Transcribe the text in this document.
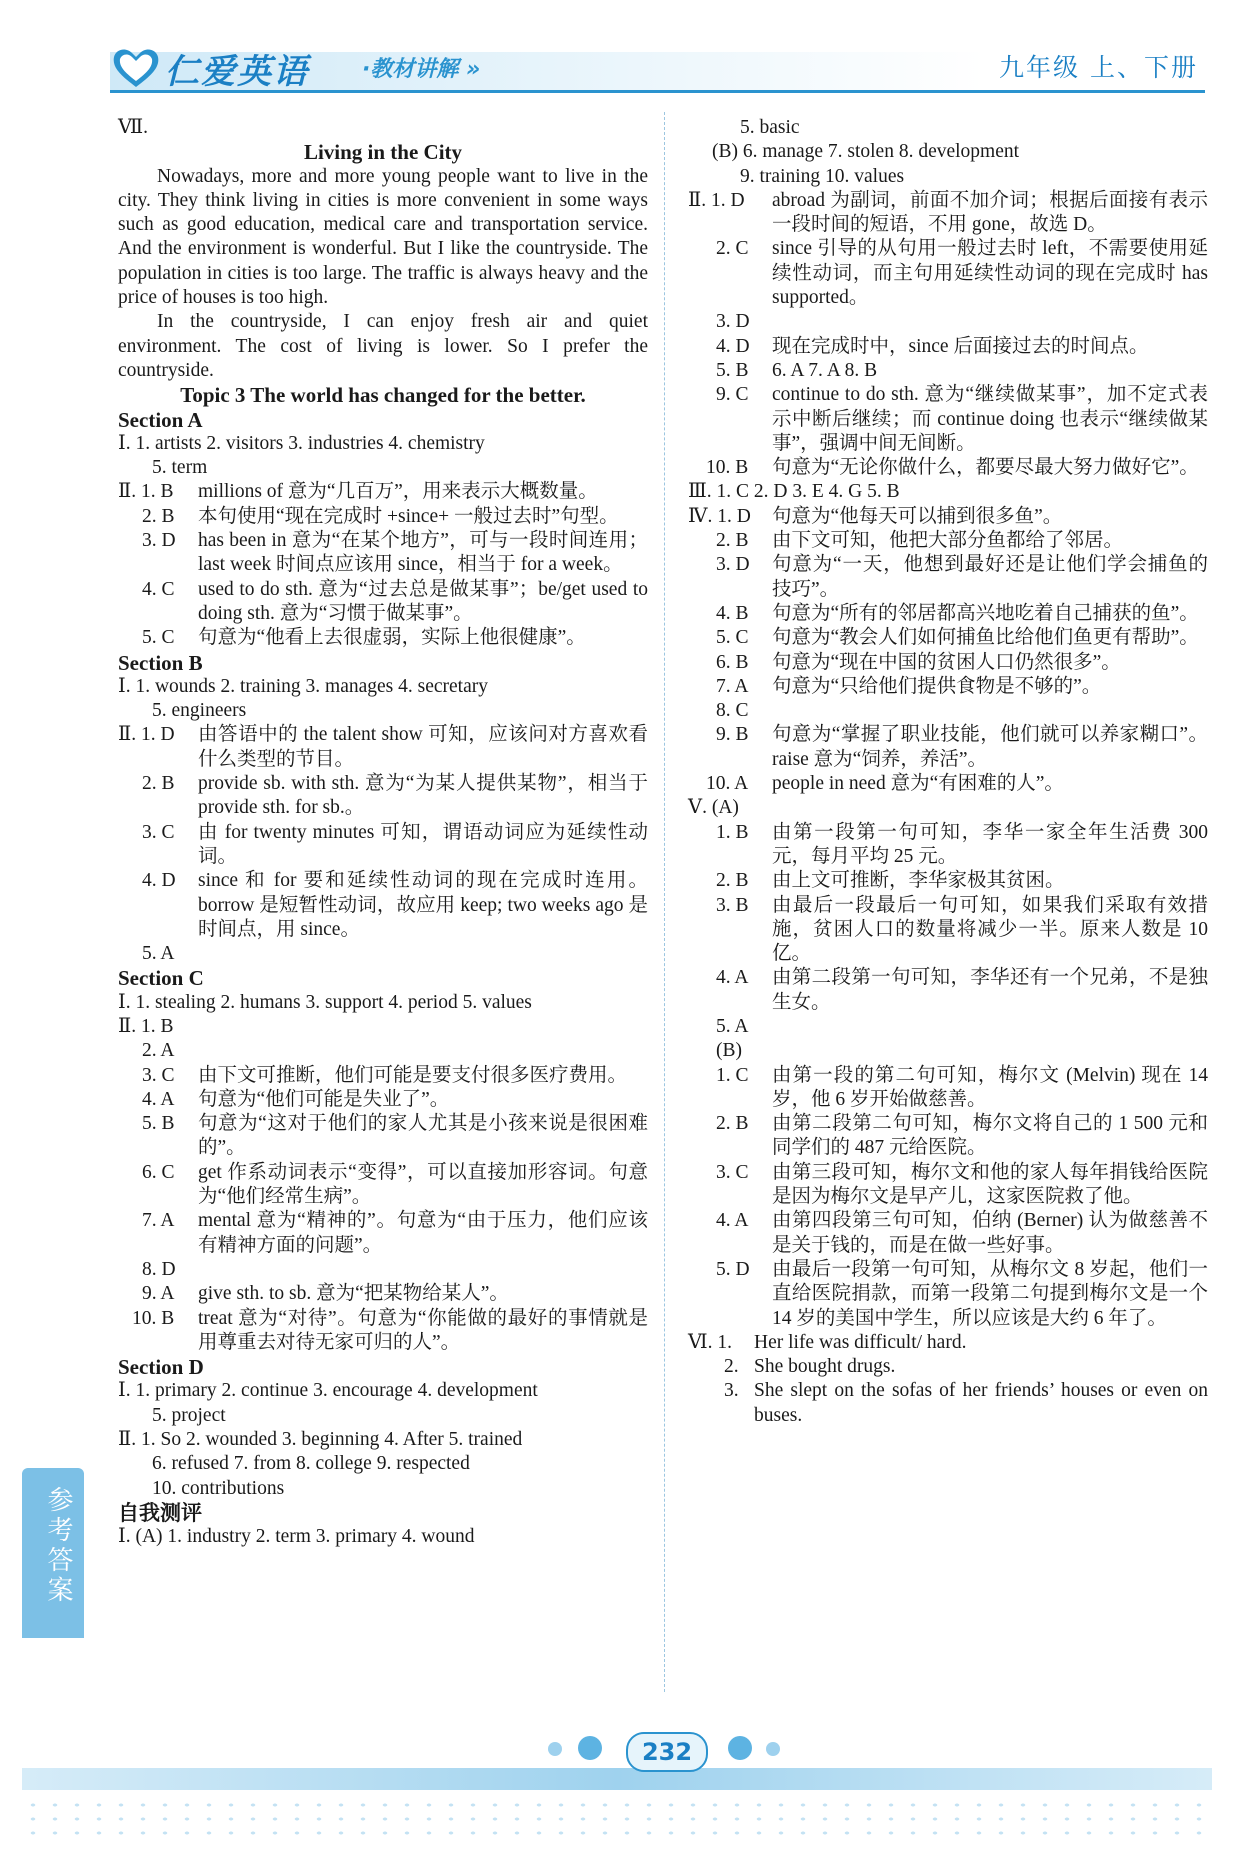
仁爱英语 ·教材讲解 »	九年级 上、下册
Ⅶ.
Living in the City
Nowadays, more and more young people want to live in the city. They think living in cities is more convenient in some ways such as good education, medical care and transportation service. And the environment is wonderful. But I like the countryside. The population in cities is too large. The traffic is always heavy and the price of houses is too high.
In the countryside, I can enjoy fresh air and quiet environment. The cost of living is lower. So I prefer the countryside.
Topic 3 The world has changed for the better.
Section A
Ⅰ. 1. artists 2. visitors 3. industries 4. chemistry
5. term
Ⅱ. 1. B	millions of 意为“几百万”，用来表示大概数量。
2. B	本句使用“现在完成时 +since+ 一般过去时”句型。
3. D	has been in 意为“在某个地方”，可与一段时间连用；last week 时间点应该用 since，相当于 for a week。
4. C	used to do sth. 意为“过去总是做某事”；be/get used to doing sth. 意为“习惯于做某事”。
5. C	句意为“他看上去很虚弱，实际上他很健康”。
Section B
Ⅰ. 1. wounds 2. training 3. manages 4. secretary
5. engineers
Ⅱ. 1. D	由答语中的 the talent show 可知，应该问对方喜欢看什么类型的节目。
2. B	provide sb. with sth. 意为“为某人提供某物”，相当于 provide sth. for sb.。
3. C	由 for twenty minutes 可知，谓语动词应为延续性动词。
4. D	since 和 for 要和延续性动词的现在完成时连用。borrow 是短暂性动词，故应用 keep; two weeks ago 是时间点，用 since。
5. A
Section C
Ⅰ. 1. stealing 2. humans 3. support 4. period 5. values
Ⅱ. 1. B
2. A
3. C	由下文可推断，他们可能是要支付很多医疗费用。
4. A	句意为“他们可能是失业了”。
5. B	句意为“这对于他们的家人尤其是小孩来说是很困难的”。
6. C	get 作系动词表示“变得”，可以直接加形容词。句意为“他们经常生病”。
7. A	mental 意为“精神的”。句意为“由于压力，他们应该有精神方面的问题”。
8. D
9. A	give sth. to sb. 意为“把某物给某人”。
10. B	treat 意为“对待”。句意为“你能做的最好的事情就是用尊重去对待无家可归的人”。
Section D
Ⅰ. 1. primary 2. continue 3. encourage 4. development
5. project
Ⅱ. 1. So 2. wounded 3. beginning 4. After 5. trained
6. refused 7. from 8. college 9. respected
10. contributions
自我测评
Ⅰ. (A) 1. industry 2. term 3. primary 4. wound
5. basic
(B) 6. manage 7. stolen 8. development
9. training 10. values
Ⅱ. 1. D	abroad 为副词，前面不加介词；根据后面接有表示一段时间的短语，不用 gone，故选 D。
2. C	since 引导的从句用一般过去时 left，不需要使用延续性动词，而主句用延续性动词的现在完成时 has supported。
3. D
4. D	现在完成时中，since 后面接过去的时间点。
5. B	6. A 7. A 8. B
9. C	continue to do sth. 意为“继续做某事”，加不定式表示中断后继续；而 continue doing 也表示“继续做某事”，强调中间无间断。
10. B	句意为“无论你做什么，都要尽最大努力做好它”。
Ⅲ. 1. C 2. D 3. E 4. G 5. B
Ⅳ. 1. D	句意为“他每天可以捕到很多鱼”。
2. B	由下文可知，他把大部分鱼都给了邻居。
3. D	句意为“一天，他想到最好还是让他们学会捕鱼的技巧”。
4. B	句意为“所有的邻居都高兴地吃着自己捕获的鱼”。
5. C	句意为“教会人们如何捕鱼比给他们鱼更有帮助”。
6. B	句意为“现在中国的贫困人口仍然很多”。
7. A	句意为“只给他们提供食物是不够的”。
8. C
9. B	句意为“掌握了职业技能，他们就可以养家糊口”。raise 意为“饲养，养活”。
10. A	people in need 意为“有困难的人”。
Ⅴ. (A)
1. B	由第一段第一句可知，李华一家全年生活费 300 元，每月平均 25 元。
2. B	由上文可推断，李华家极其贫困。
3. B	由最后一段最后一句可知，如果我们采取有效措施，贫困人口的数量将减少一半。原来人数是 10 亿。
4. A	由第二段第一句可知，李华还有一个兄弟，不是独生女。
5. A
(B)
1. C	由第一段的第二句可知，梅尔文 (Melvin) 现在 14 岁，他 6 岁开始做慈善。
2. B	由第二段第二句可知，梅尔文将自己的 1 500 元和同学们的 487 元给医院。
3. C	由第三段可知，梅尔文和他的家人每年捐钱给医院是因为梅尔文是早产儿，这家医院救了他。
4. A	由第四段第三句可知，伯纳 (Berner) 认为做慈善不是关于钱的，而是在做一些好事。
5. D	由最后一段第一句可知，从梅尔文 8 岁起，他们一直给医院捐款，而第一段第二句提到梅尔文是一个 14 岁的美国中学生，所以应该是大约 6 年了。
Ⅵ. 1.	Her life was difficult/ hard.
2. She bought drugs.
3. She slept on the sofas of her friends’ houses or even on buses.
参考答案
232
